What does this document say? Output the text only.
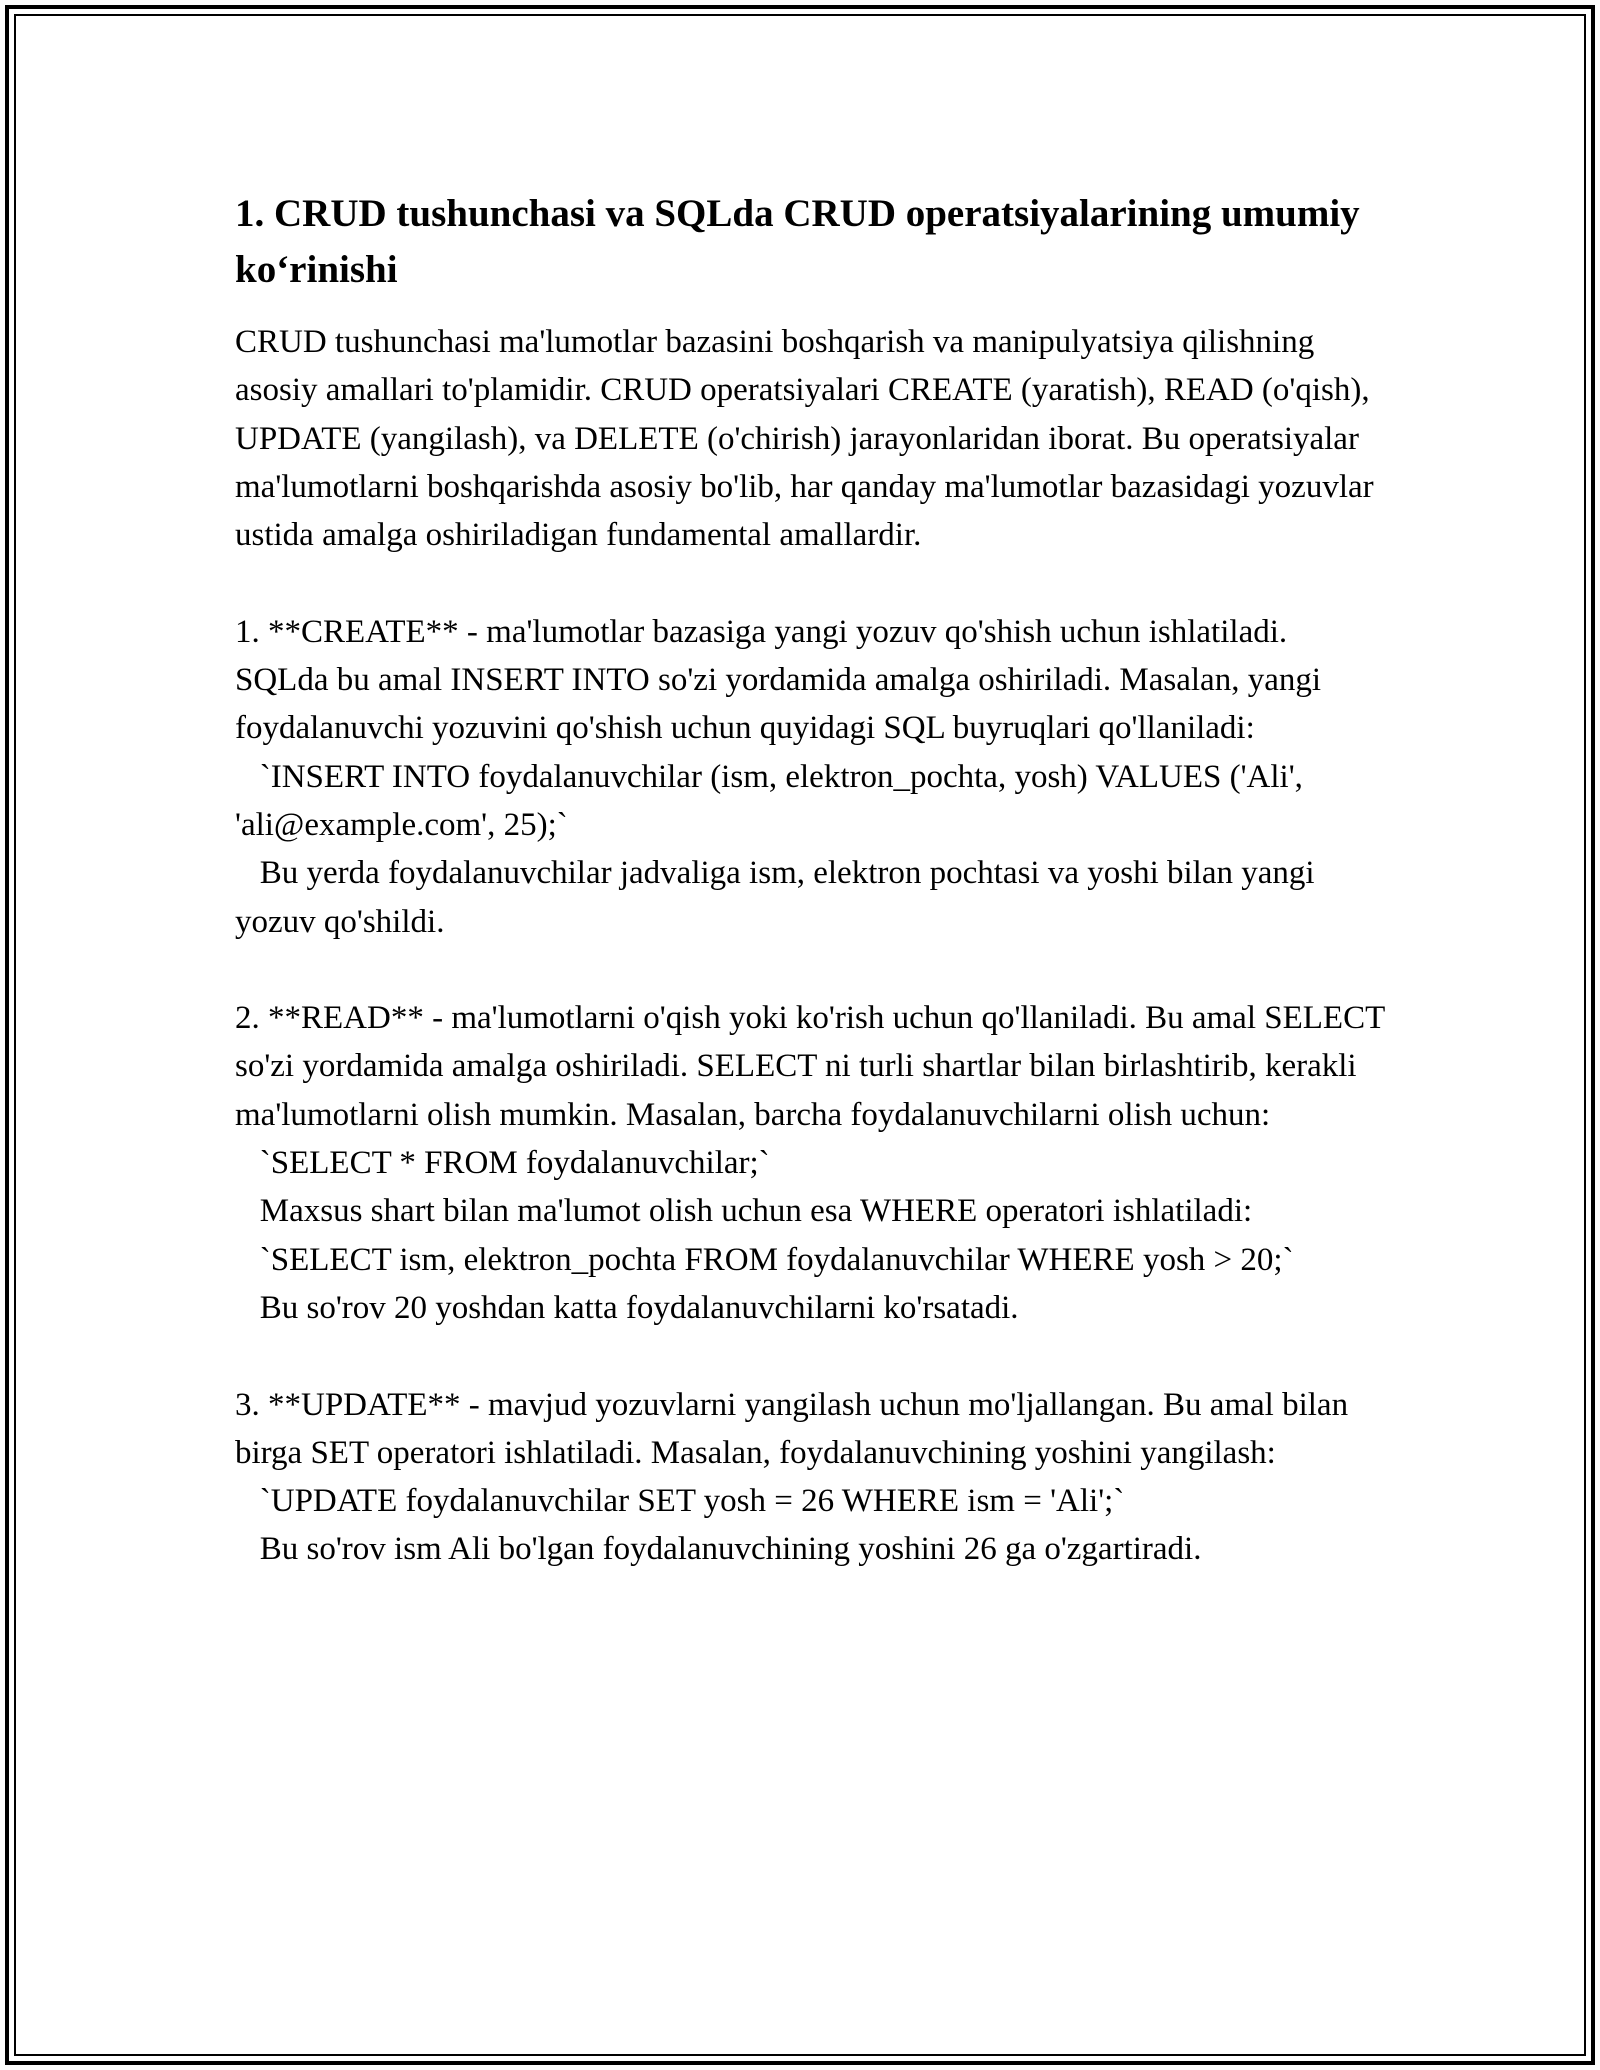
1. CRUD tushunchasi va SQLda CRUD operatsiyalarining umumiy ko‘rinishi

CRUD tushunchasi ma'lumotlar bazasini boshqarish va manipulyatsiya qilishning asosiy amallari to'plamidir. CRUD operatsiyalari CREATE (yaratish), READ (o'qish), UPDATE (yangilash), va DELETE (o'chirish) jarayonlaridan iborat. Bu operatsiyalar ma'lumotlarni boshqarishda asosiy bo'lib, har qanday ma'lumotlar bazasidagi yozuvlar ustida amalga oshiriladigan fundamental amallardir.

1. **CREATE** - ma'lumotlar bazasiga yangi yozuv qo'shish uchun ishlatiladi. SQLda bu amal INSERT INTO so'zi yordamida amalga oshiriladi. Masalan, yangi foydalanuvchi yozuvini qo'shish uchun quyidagi SQL buyruqlari qo'llaniladi:

`INSERT INTO foydalanuvchilar (ism, elektron_pochta, yosh) VALUES ('Ali', 'ali@example.com', 25);`

Bu yerda foydalanuvchilar jadvaliga ism, elektron pochtasi va yoshi bilan yangi yozuv qo'shildi.

2. **READ** - ma'lumotlarni o'qish yoki ko'rish uchun qo'llaniladi. Bu amal SELECT so'zi yordamida amalga oshiriladi. SELECT ni turli shartlar bilan birlashtirib, kerakli ma'lumotlarni olish mumkin. Masalan, barcha foydalanuvchilarni olish uchun:

`SELECT * FROM foydalanuvchilar;`

Maxsus shart bilan ma'lumot olish uchun esa WHERE operatori ishlatiladi:

`SELECT ism, elektron_pochta FROM foydalanuvchilar WHERE yosh > 20;`

Bu so'rov 20 yoshdan katta foydalanuvchilarni ko'rsatadi.

3. **UPDATE** - mavjud yozuvlarni yangilash uchun mo'ljallangan. Bu amal bilan birga SET operatori ishlatiladi. Masalan, foydalanuvchining yoshini yangilash:

`UPDATE foydalanuvchilar SET yosh = 26 WHERE ism = 'Ali';`

Bu so'rov ism Ali bo'lgan foydalanuvchining yoshini 26 ga o'zgartiradi.
